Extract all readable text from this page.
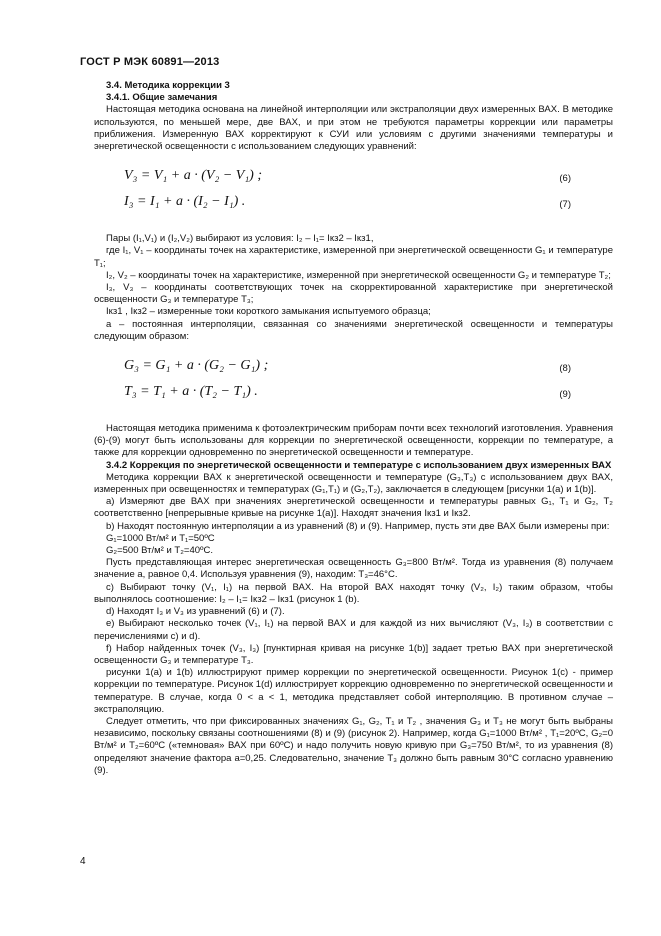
ГОСТ Р МЭК 60891—2013

3.4. Методика коррекции 3

3.4.1. Общие замечания

Настоящая методика основана на линейной интерполяции или экстраполяции двух измеренных ВАХ. В методике используются, по меньшей мере, две ВАХ, и при этом не требуются параметры коррекции или параметры приближения. Измеренную ВАХ корректируют к СУИ или условиям с другими значениями температуры и энергетической освещенности с использованием следующих уравнений:

V₃ = V₁ + a · (V₂ − V₁) ;	(6)
I₃ = I₁ + a · (I₂ − I₁) .	(7)

Пары (I₁,V₁) и (I₂,V₂) выбирают из условия: I₂ – I₁= Iкз2 – Iкз1,

где I₁, V₁ – координаты точек на характеристике, измеренной при энергетической освещенности G₁ и температуре T₁;

I₂, V₂ – координаты точек на характеристике, измеренной при энергетической освещенности G₂ и температуре T₂;

I₃, V₃ – координаты соответствующих точек на скорректированной характеристике при энергетической освещенности G₃ и температуре T₃;

Iкз1 , Iкз2 – измеренные токи короткого замыкания испытуемого образца;

a – постоянная интерполяции, связанная со значениями энергетической освещенности и температуры следующим образом:

G₃ = G₁ + a · (G₂ − G₁) ;	(8)
T₃ = T₁ + a · (T₂ − T₁) .	(9)

Настоящая методика применима к фотоэлектрическим приборам почти всех технологий изготовления. Уравнения (6)-(9) могут быть использованы для коррекции по энергетической освещенности, коррекции по температуре, а также для коррекции одновременно по энергетической освещенности и температуре.

3.4.2 Коррекция по энергетической освещенности и температуре с использованием двух измеренных ВАХ

Методика коррекции ВАХ к энергетической освещенности и температуре (G₃,T₃) с использованием двух ВАХ, измеренных при освещенностях и температурах (G₁,T₁) и (G₂,T₂), заключается в следующем [рисунки 1(a) и 1(b)].

а) Измеряют две ВАХ при значениях энергетической освещенности и температуры равных G₁, T₁ и G₂, T₂ соответственно [непрерывные кривые на рисунке 1(a)]. Находят значения Iкз1 и Iкз2.

b) Находят постоянную интерполяции a из уравнений (8) и (9). Например, пусть эти две ВАХ были измерены при:

G₁=1000 Вт/м² и T₁=50ºС

G₂=500 Вт/м² и T₂=40ºС.

Пусть представляющая интерес энергетическая освещенность G₃=800 Вт/м². Тогда из уравнения (8) получаем значение a, равное 0,4. Используя уравнения (9), находим: T₃=46°С.

с) Выбирают точку (V₁, I₁) на первой ВАХ. На второй ВАХ находят точку (V₂, I₂) таким образом, чтобы выполнялось соотношение: I₂ – I₁= Iкз2 – Iкз1 (рисунок 1 (b).

d) Находят I₃ и V₃ из уравнений (6) и (7).

е) Выбирают несколько точек (V₁, I₁) на первой ВАХ и для каждой из них вычисляют (V₃, I₃) в соответствии с перечислениями с) и d).

f) Набор найденных точек (V₃, I₃) [пунктирная кривая на рисунке 1(b)] задает третью ВАХ при энергетической освещенности G₃ и температуре T₃.

рисунки 1(a) и 1(b) иллюстрируют пример коррекции по энергетической освещенности. Рисунок 1(c) - пример коррекции по температуре. Рисунок 1(d) иллюстрирует коррекцию одновременно по энергетической освещенности и температуре. В случае, когда 0 < a < 1, методика представляет собой интерполяцию. В противном случае – экстраполяцию.

Следует отметить, что при фиксированных значениях G₁, G₂, T₁ и T₂ , значения G₃ и T₃ не могут быть выбраны независимо, поскольку связаны соотношениями (8) и (9) (рисунок 2). Например, когда G₁=1000 Вт/м² , T₁=20ºС, G₂=0 Вт/м² и T₂=60ºС («темновая» ВАХ при 60ºС) и надо получить новую кривую при G₃=750 Вт/м², то из уравнения (8) определяют значение фактора a=0,25. Следовательно, значение T₃ должно быть равным 30°С согласно уравнению (9).

4
